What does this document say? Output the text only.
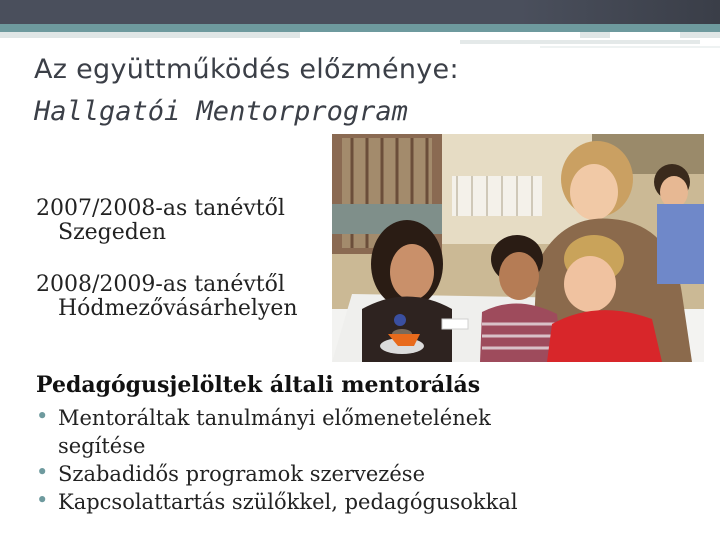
Az együttműködés előzménye:
Hallgatói Mentorprogram
2007/2008-as tanévtől
Szegeden
2008/2009-as tanévtől
Hódmezővásárhelyen
Pedagógusjelöltek általi mentorálás
• Mentoráltak tanulmányi előmenetelének segítése
• Szabadidős programok szervezése
• Kapcsolattartás szülőkkel, pedagógusokkal
